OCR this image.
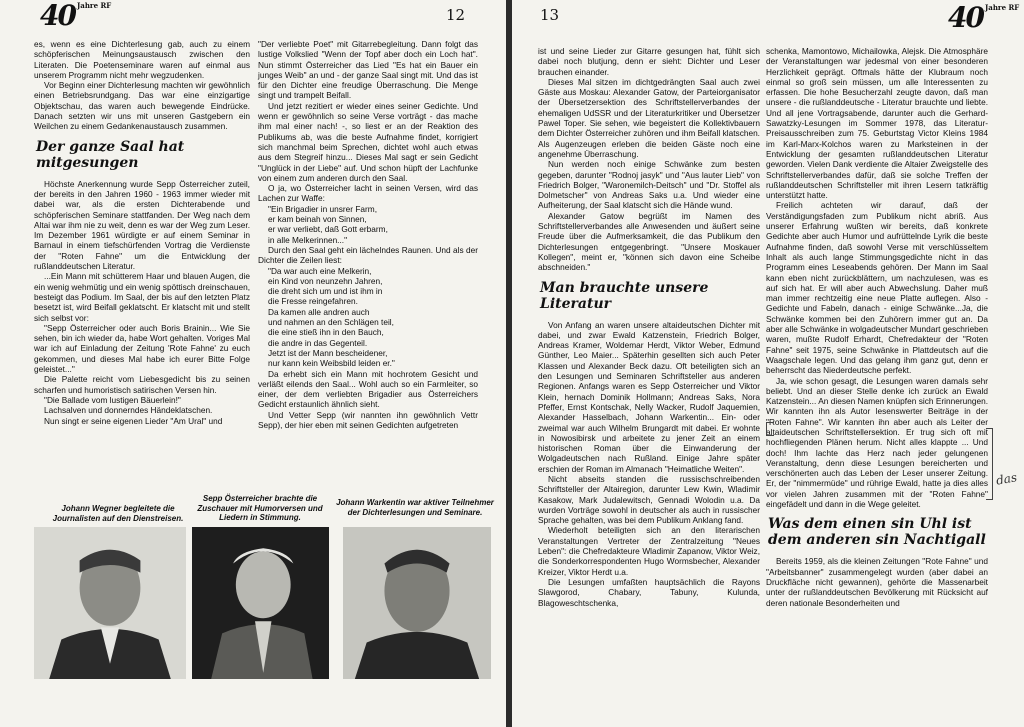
40 Jahre RF
12

es, wenn es eine Dichterlesung gab, auch zu einem schöpferischen Meinungsaustausch zwischen den Literaten. Die Poetenseminare waren auf einmal aus unserem Programm nicht mehr wegzudenken.

Vor Beginn einer Dichterlesung machten wir gewöhnlich einen Betriebsrundgang. Das war eine einzigartige Objektschau, das waren auch bewegende Eindrücke. Danach setzten wir uns mit unseren Gastgebern ein Weilchen zu einem Gedankenaustausch zusammen.

Der ganze Saal hat mitgesungen

Höchste Anerkennung wurde Sepp Österreicher zuteil, der bereits in den Jahren 1960 - 1963 immer wieder mit dabei war, als die ersten Dichterabende und schöpferischen Seminare stattfanden. Der Weg nach dem Altai war ihm nie zu weit, denn es war der Weg zum Leser. Im Dezember 1961 würdigte er auf einem Seminar in Barnaul in einem tiefschürfenden Vortrag die Verdienste der "Roten Fahne" um die Entwicklung der rußlanddeutschen Literatur.

...Ein Mann mit schütterem Haar und blauen Augen, die ein wenig wehmütig und ein wenig spöttisch dreinschauen, besteigt das Podium. Im Saal, der bis auf den letzten Platz besetzt ist, wird Beifall geklatscht. Er klatscht mit und stellt sich selbst vor:

"Sepp Österreicher oder auch Boris Brainin... Wie Sie sehen, bin ich wieder da, habe Wort gehalten. Voriges Mal war ich auf Einladung der Zeitung 'Rote Fahne' zu euch gekommen, und dieses Mal habe ich eurer Bitte Folge geleistet..."

Die Palette reicht vom Liebesgedicht bis zu seinen scharfen und humoristisch satirischen Versen hin.

"Die Ballade vom lustigen Bäuerlein!"

Lachsalven und donnerndes Händeklatschen.

Nun singt er seine eigenen Lieder "Am Ural" und

"Der verliebte Poet" mit Gitarrebegleitung. Dann folgt das lustige Volkslied "Wenn der Topf aber doch ein Loch hat". Nun stimmt Österreicher das Lied "Es hat ein Bauer ein junges Weib" an und - der ganze Saal singt mit. Und das ist für den Dichter eine freudige Überraschung. Die Menge singt und trampelt Beifall.

Und jetzt rezitiert er wieder eines seiner Gedichte. Und wenn er gewöhnlich so seine Verse vorträgt - das mache ihm mal einer nach! -, so liest er an der Reaktion des Publikums ab, was die beste Aufnahme findet, korrigiert sich manchmal beim Sprechen, dichtet wohl auch etwas aus dem Stegreif hinzu... Dieses Mal sagt er sein Gedicht "Unglück in der Liebe" auf. Und schon hüpft der Lachfunke von einem zum anderen durch den Saal.

O ja, wo Österreicher lacht in seinen Versen, wird das Lachen zur Waffe:

"Ein Brigadier in unsrer Farm,

er kam beinah von Sinnen,

er war verliebt, daß Gott erbarm,

in alle Melkerinnen..."

Durch den Saal geht ein lächelndes Raunen. Und als der Dichter die Zeilen liest:

"Da war auch eine Melkerin,

ein Kind von neunzehn Jahren,

die dreht sich um und ist ihm in

die Fresse reingefahren.

Da kamen alle andren auch

und nahmen an den Schlägen teil,

die eine stieß ihn in den Bauch,

die andre in das Gegenteil.

Jetzt ist der Mann bescheidener,

nur kann kein Weibsbild leiden er."

Da erhebt sich ein Mann mit hochrotem Gesicht und verläßt eilends den Saal... Wohl auch so ein Farmleiter, so einer, der dem verliebten Brigadier aus Österreichers Gedicht erstaunlich ähnlich sieht.

Und Vetter Sepp (wir nannten ihn gewöhnlich Vettr Sepp), der hier eben mit seinen Gedichten aufgetreten

Johann Wegner begleitete die Journalisten auf den Dienstreisen.
Sepp Österreicher brachte die Zuschauer mit Humorversen und Liedern in Stimmung.
Johann Warkentin war aktiver Teilnehmer der Dichterlesungen und Seminare.
13	40 Jahre RF

ist und seine Lieder zur Gitarre gesungen hat, fühlt sich dabei noch blutjung, denn er sieht: Dichter und Leser brauchen einander.

Dieses Mal sitzen im dichtgedrängten Saal auch zwei Gäste aus Moskau: Alexander Gatow, der Parteiorganisator der Übersetzersektion des Schriftstellerverbandes der ehemaligen UdSSR und der Literaturkritiker und Übersetzer Pawel Toper. Sie sehen, wie begeistert die Kollektivbauern dem Dichter Österreicher zuhören und ihm Beifall klatschen. Als Augenzeugen erleben die beiden Gäste noch eine angenehme Überraschung.

Nun werden noch einige Schwänke zum besten gegeben, darunter "Rodnoj jasyk" und "Aus lauter Lieb" von Friedrich Bolger, "Waronemilch-Deitsch" und "Dr. Stoffel als Dolmetscher" von Andreas Saks u.a. Und wieder eine Aufheiterung, der Saal klatscht sich die Hände wund.

Alexander Gatow begrüßt im Namen des Schriftstellerverbandes alle Anwesenden und äußert seine Freude über die Aufmerksamkeit, die das Publikum den Dichterlesungen entgegenbringt. "Unsere Moskauer Kollegen", meint er, "können sich davon eine Scheibe abschneiden."

Man brauchte unsere Literatur

Von Anfang an waren unsere altaideutschen Dichter mit dabei, und zwar Ewald Katzenstein, Friedrich Bolger, Andreas Kramer, Woldemar Herdt, Viktor Weber, Edmund Günther, Leo Maier... Späterhin gesellten sich auch Peter Klassen und Alexander Beck dazu. Oft beteiligten sich an den Lesungen und Seminaren Schriftsteller aus anderen Regionen. Anfangs waren es Sepp Österreicher und Viktor Klein, hernach Dominik Hollmann; Andreas Saks, Nora Pfeffer, Ernst Kontschak, Nelly Wacker, Rudolf Jaquemien, Alexander Hasselbach, Johann Warkentin... Ein- oder zweimal war auch Wilhelm Brungardt mit dabei. Er wohnte in Nowosibirsk und arbeitete zu jener Zeit an einem historischen Roman über die Einwanderung der Wolgadeutschen nach Rußland. Einige Jahre später erschien der Roman im Almanach "Heimatliche Weiten".

Nicht abseits standen die russischschreibenden Schriftsteller der Altairegion, darunter Lew Kwin, Wladimir Kasakow, Mark Judalewitsch, Gennadi Wolodin u.a. Da wurden Vorträge sowohl in deutscher als auch in russischer Sprache gehalten, was bei dem Publikum Anklang fand.

Wiederholt beteiligten sich an den literarischen Veranstaltungen Vertreter der Zentralzeitung "Neues Leben": die Chefredakteure Wladimir Zapanow, Viktor Weiz, die Sonderkorrespondenten Hugo Wormsbecher, Alexander Kreizer, Viktor Herdt u.a.

Die Lesungen umfaßten hauptsächlich die Rayons Slawgorod, Chabary, Tabuny, Kulunda, Blagoweschtschenka,

schenka, Mamontowo, Michailowka, Alejsk. Die Atmosphäre der Veranstaltungen war jedesmal von einer besonderen Herzlichkeit geprägt. Oftmals hätte der Klubraum noch einmal so groß sein müssen, um alle Interessenten zu erfassen. Die hohe Besucherzahl zeugte davon, daß man unsere - die rußlanddeutsche - Literatur brauchte und liebte. Und all jene Vortragsabende, darunter auch die Gerhard-Sawatzky-Lesungen im Sommer 1978, das Literatur-Preisausschreiben zum 75. Geburtstag Victor Kleins 1984 im Karl-Marx-Kolchos waren zu Marksteinen in der Entwicklung der gesamten rußlanddeutschen Literatur geworden. Vielen Dank verdiente die Altaier Zweigstelle des Schriftstellerverbandes dafür, daß sie solche Treffen der rußlanddeutschen Schriftsteller mit ihren Lesern tatkräftig unterstützt hatte.

Freilich achteten wir darauf, daß der Verständigungsfaden zum Publikum nicht abriß. Aus unserer Erfahrung wußten wir bereits, daß konkrete Gedichte aber auch Humor und aufrüttelnde Lyrik die beste Aufnahme finden, daß sowohl Verse mit verschlüsseltem Inhalt als auch lange Stimmungsgedichte nicht in das Programm eines Leseabends gehören. Der Mann im Saal kann eben nicht zurückblättern, um nachzulesen, was es auf sich hat. Er will aber auch Abwechslung. Daher muß man immer rechtzeitig eine neue Platte auflegen. Also - Gedichte und Fabeln, danach - einige Schwänke...Ja, die Schwänke kommen bei den Zuhörern immer gut an. Da aber alle Schwänke in wolgadeutscher Mundart geschrieben waren, mußte Rudolf Erhardt, Chefredakteur der "Roten Fahne" seit 1975, seine Schwänke in Plattdeutsch auf die Waagschale legen. Und das gelang ihm ganz gut, denn er beherrscht das Niederdeutsche perfekt.

Ja, wie schon gesagt, die Lesungen waren damals sehr beliebt. Und an dieser Stelle denke ich zurück an Ewald Katzenstein... An diesen Namen knüpfen sich Erinnerungen. Wir kannten ihn als Autor lesenswerter Beiträge in der "Roten Fahne". Wir kannten ihn aber auch als Leiter der altaideutschen Schriftstellersektion. Er trug sich oft mit hochfliegenden Plänen herum. Nicht alles klappte ... Und doch! Ihm lachte das Herz nach jeder gelungenen Veranstaltung, denn diese Lesungen bereicherten und verschönerten auch das Leben der Leser unserer Zeitung. Er, der "nimmermüde" und rührige Ewald, hatte ja dies alles vor vielen Jahren zusammen mit der "Roten Fahne" eingefädelt und dann in die Wege geleitet.

Was dem einen sin Uhl ist dem anderen sin Nachtigall

Bereits 1959, als die kleinen Zeitungen "Rote Fahne" und "Arbeitsbanner" zusammengelegt wurden (aber dabei an Druckfläche nicht gewannen), gehörte die Massenarbeit unter der rußlanddeutschen Bevölkerung mit Rücksicht auf deren nationale Besonderheiten und

das
